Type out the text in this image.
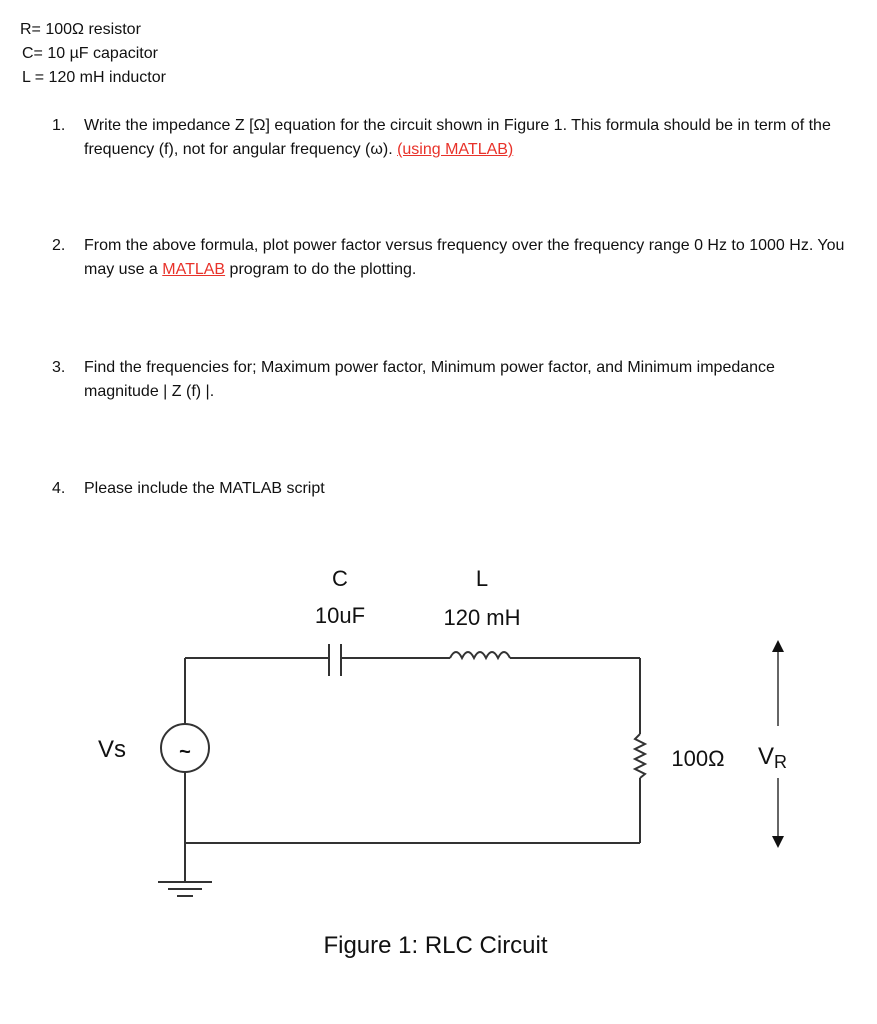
R= 100Ω resistor
C= 10 µF capacitor
L = 120 mH inductor
1. Write the impedance Z [Ω] equation for the circuit shown in Figure 1. This formula should be in term of the frequency (f), not for angular frequency (ω). (using MATLAB)
2. From the above formula, plot power factor versus frequency over the frequency range 0 Hz to 1000 Hz. You may use a MATLAB program to do the plotting.
3. Find the frequencies for; Maximum power factor, Minimum power factor, and Minimum impedance magnitude | Z (f) |.
4. Please include the MATLAB script
C
10uF
L
120 mH
Vs	~	100Ω VR
Figure 1: RLC Circuit
